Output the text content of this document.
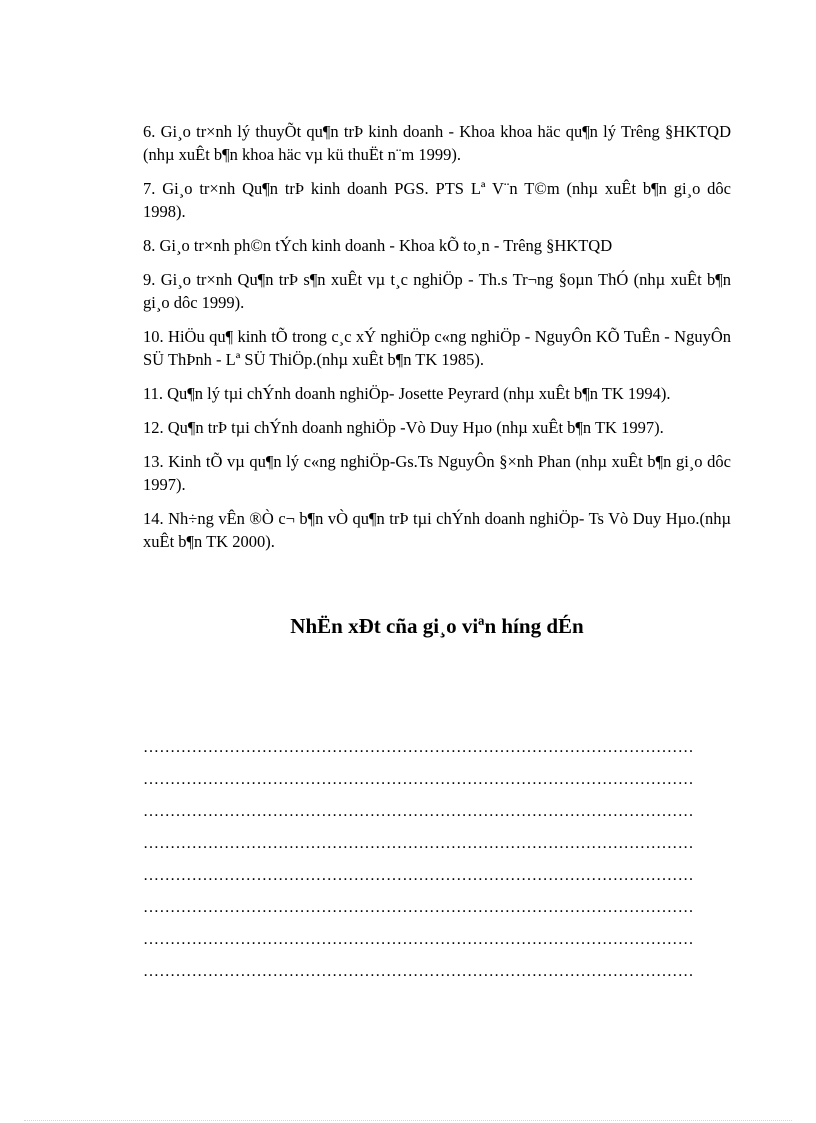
6. Gi¸o tr×nh lý thuyÕt qu¶n trÞ kinh doanh - Khoa khoa häc qu¶n lý Trêng §HKTQD (nhµ xuÊt b¶n khoa häc vµ kü thuËt n¨m 1999).

7. Gi¸o tr×nh Qu¶n trÞ kinh doanh PGS. PTS Lª V¨n T©m (nhµ xuÊt b¶n gi¸o dôc 1998).

8. Gi¸o tr×nh ph©n tÝch kinh doanh - Khoa kÕ to¸n - Trêng §HKTQD

9. Gi¸o tr×nh Qu¶n trÞ s¶n xuÊt vµ t¸c nghiÖp - Th.s Tr¬ng §oµn ThÓ (nhµ xuÊt b¶n gi¸o dôc 1999).

10. HiÖu qu¶ kinh tÕ trong c¸c xÝ nghiÖp c«ng nghiÖp - NguyÔn KÕ TuÊn - NguyÔn SÜ ThÞnh - Lª SÜ ThiÖp.(nhµ xuÊt b¶n TK 1985).

11. Qu¶n lý tµi chÝnh doanh nghiÖp- Josette Peyrard (nhµ xuÊt b¶n TK 1994).

12. Qu¶n trÞ tµi chÝnh doanh nghiÖp -Vò Duy Hµo (nhµ xuÊt b¶n TK 1997).

13. Kinh tÕ vµ qu¶n lý c«ng nghiÖp-Gs.Ts NguyÔn §×nh Phan (nhµ xuÊt b¶n gi¸o dôc 1997).

14. Nh÷ng vÊn ®Ò c¬ b¶n vÒ qu¶n trÞ tµi chÝnh doanh nghiÖp- Ts Vò Duy Hµo.(nhµ xuÊt b¶n TK 2000).

NhËn xÐt cña gi¸o viªn híng dÉn
…………………………………………………………………………………………
…………………………………………………………………………………………
…………………………………………………………………………………………
…………………………………………………………………………………………
…………………………………………………………………………………………
…………………………………………………………………………………………
…………………………………………………………………………………………
…………………………………………………………………………………………
